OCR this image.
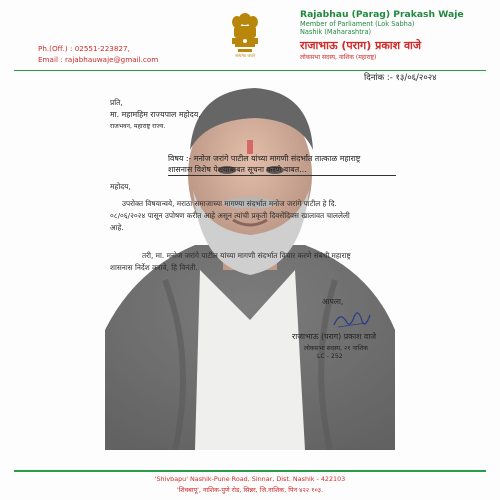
सत्यमेव जयते
Rajabhau (Parag) Prakash Waje
Member of Parliament (Lok Sabha)
Nashik (Maharashtra)
राजाभाऊ (पराग) प्रकाश वाजे
लोकसभा सदस्य, नाशिक (महाराष्ट्र)
Ph.(Off.) : 02551-223827,
Email : rajabhauwaje@gmail.com
दिनांक :- १३/०६/२०२४
प्रति,
मा. महामहिम राज्यपाल महोदय,
राजभवन, महाराष्ट्र राज्य.
विषय :- मनोज जरांगे पाटील यांच्या मागणी संदर्भात तात्काळ महाराष्ट्र
शासनास विशेष पेशयाबाबत सूचना करणे बाबत...
महोदय,
उपरोक्त विषयान्वये, मराठा समाजाच्या मागण्या संदर्भात मनोज जरांगे पाटील हे दि.
०८/०६/२०२४ पासून उपोषण करीत आहे असून त्यांची प्रकृती दिवसेंदिवस खालावत चाललेली
आहे.
तरी, मा. मनोज जरांगे पाटील यांच्या मागणी संदर्भात विचार करणे संबंधी महाराष्ट्र
शासनास निर्देश करावे, हि विनंती.
आपला,
राजाभाऊ (पराग) प्रकाश वाजे
लोकसभा सदस्य, २१ नाशिक
LC - 252
'Shivbapu' Nashik-Pune Road, Sinnar, Dist. Nashik - 422103
'शिवबापू', नाशिक-पुणे रोड, सिन्नर, जि.नाशिक, पिन ४२२ १०३.
